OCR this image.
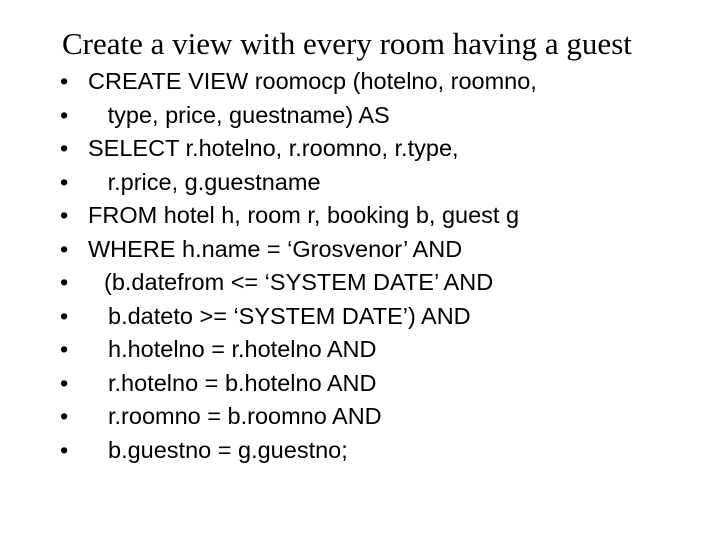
Create a view with every room having a guest
• CREATE VIEW roomocp (hotelno, roomno,
• type, price, guestname) AS
• SELECT r.hotelno, r.roomno, r.type,
• r.price, g.guestname
• FROM hotel h, room r, booking b, guest g
• WHERE h.name = ‘Grosvenor’ AND
• (b.datefrom <= ‘SYSTEM DATE’ AND
• b.dateto >= ‘SYSTEM DATE’) AND
• h.hotelno = r.hotelno AND
• r.hotelno = b.hotelno AND
• r.roomno = b.roomno AND
• b.guestno = g.guestno;
